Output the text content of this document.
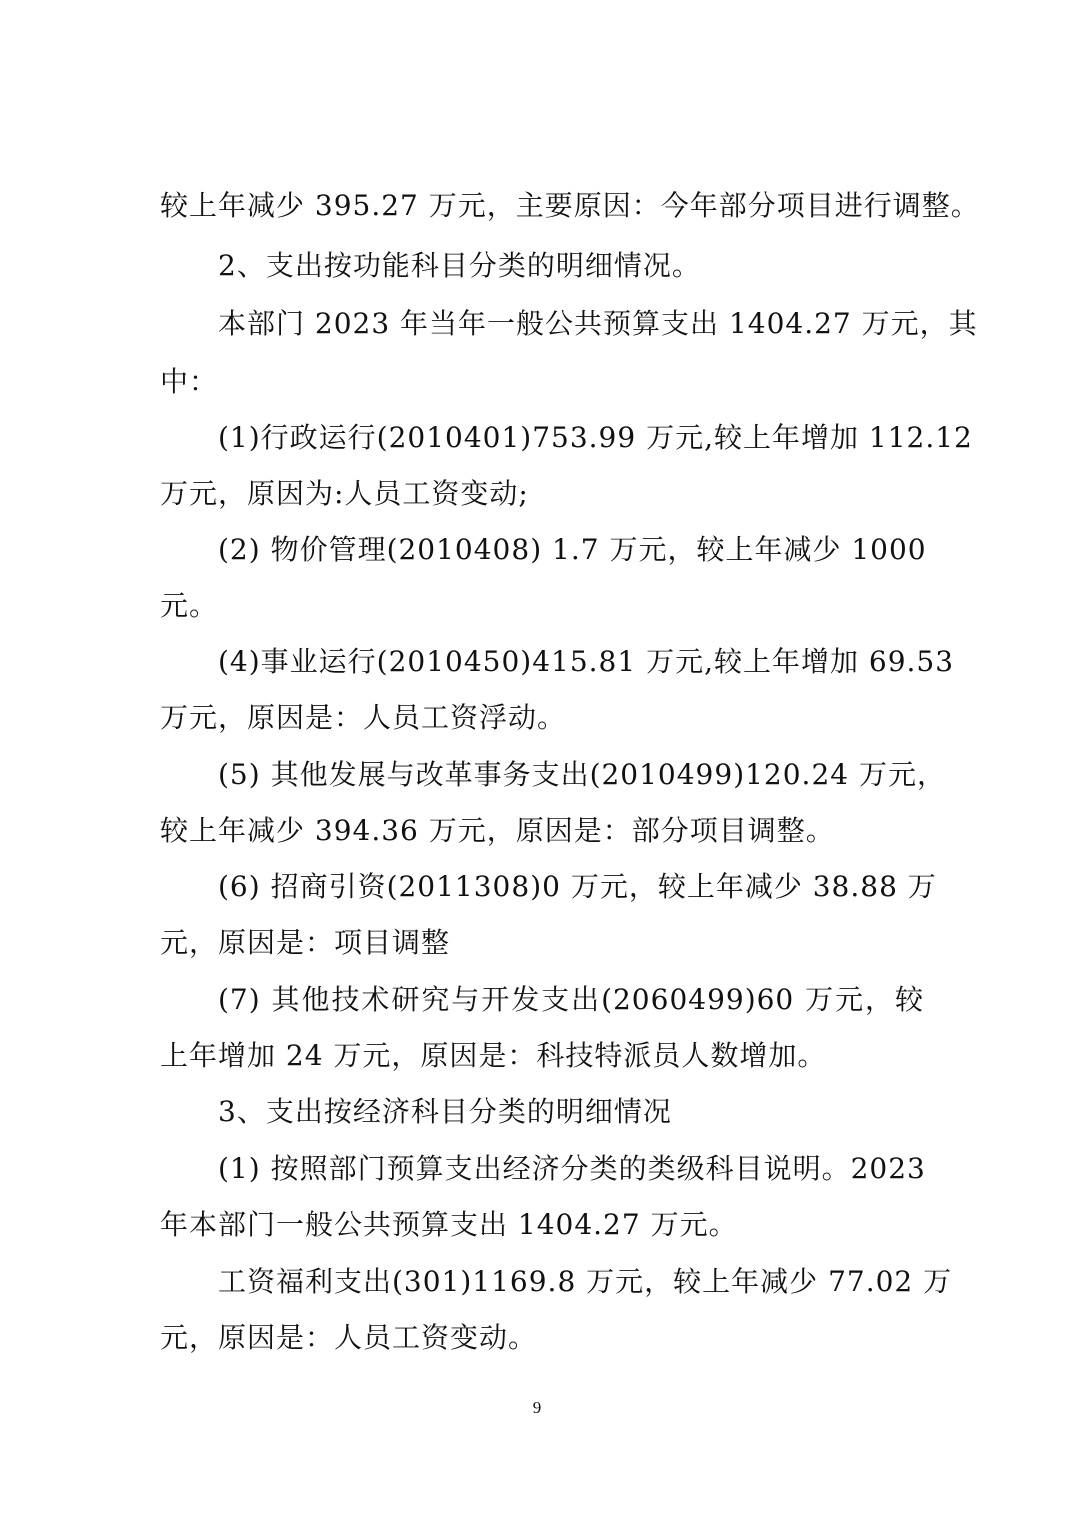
较上年减少 395.27 万元，主要原因：今年部分项目进行调整。
2、支出按功能科目分类的明细情况。
本部门 2023 年当年一般公共预算支出 1404.27 万元，其
中：
(1)行政运行(2010401)753.99 万元,较上年增加 112.12
万元，原因为:人员工资变动;
(2) 物价管理(2010408) 1.7 万元，较上年减少 1000
元。
(4)事业运行(2010450)415.81 万元,较上年增加 69.53
万元，原因是：人员工资浮动。
(5) 其他发展与改革事务支出(2010499)120.24 万元，
较上年减少 394.36 万元，原因是：部分项目调整。
(6) 招商引资(2011308)0 万元，较上年减少 38.88 万
元，原因是：项目调整
(7) 其他技术研究与开发支出(2060499)60 万元，较
上年增加 24 万元，原因是：科技特派员人数增加。
3、支出按经济科目分类的明细情况
(1) 按照部门预算支出经济分类的类级科目说明。2023
年本部门一般公共预算支出 1404.27 万元。
工资福利支出(301)1169.8 万元，较上年减少 77.02 万
元，原因是：人员工资变动。
9
